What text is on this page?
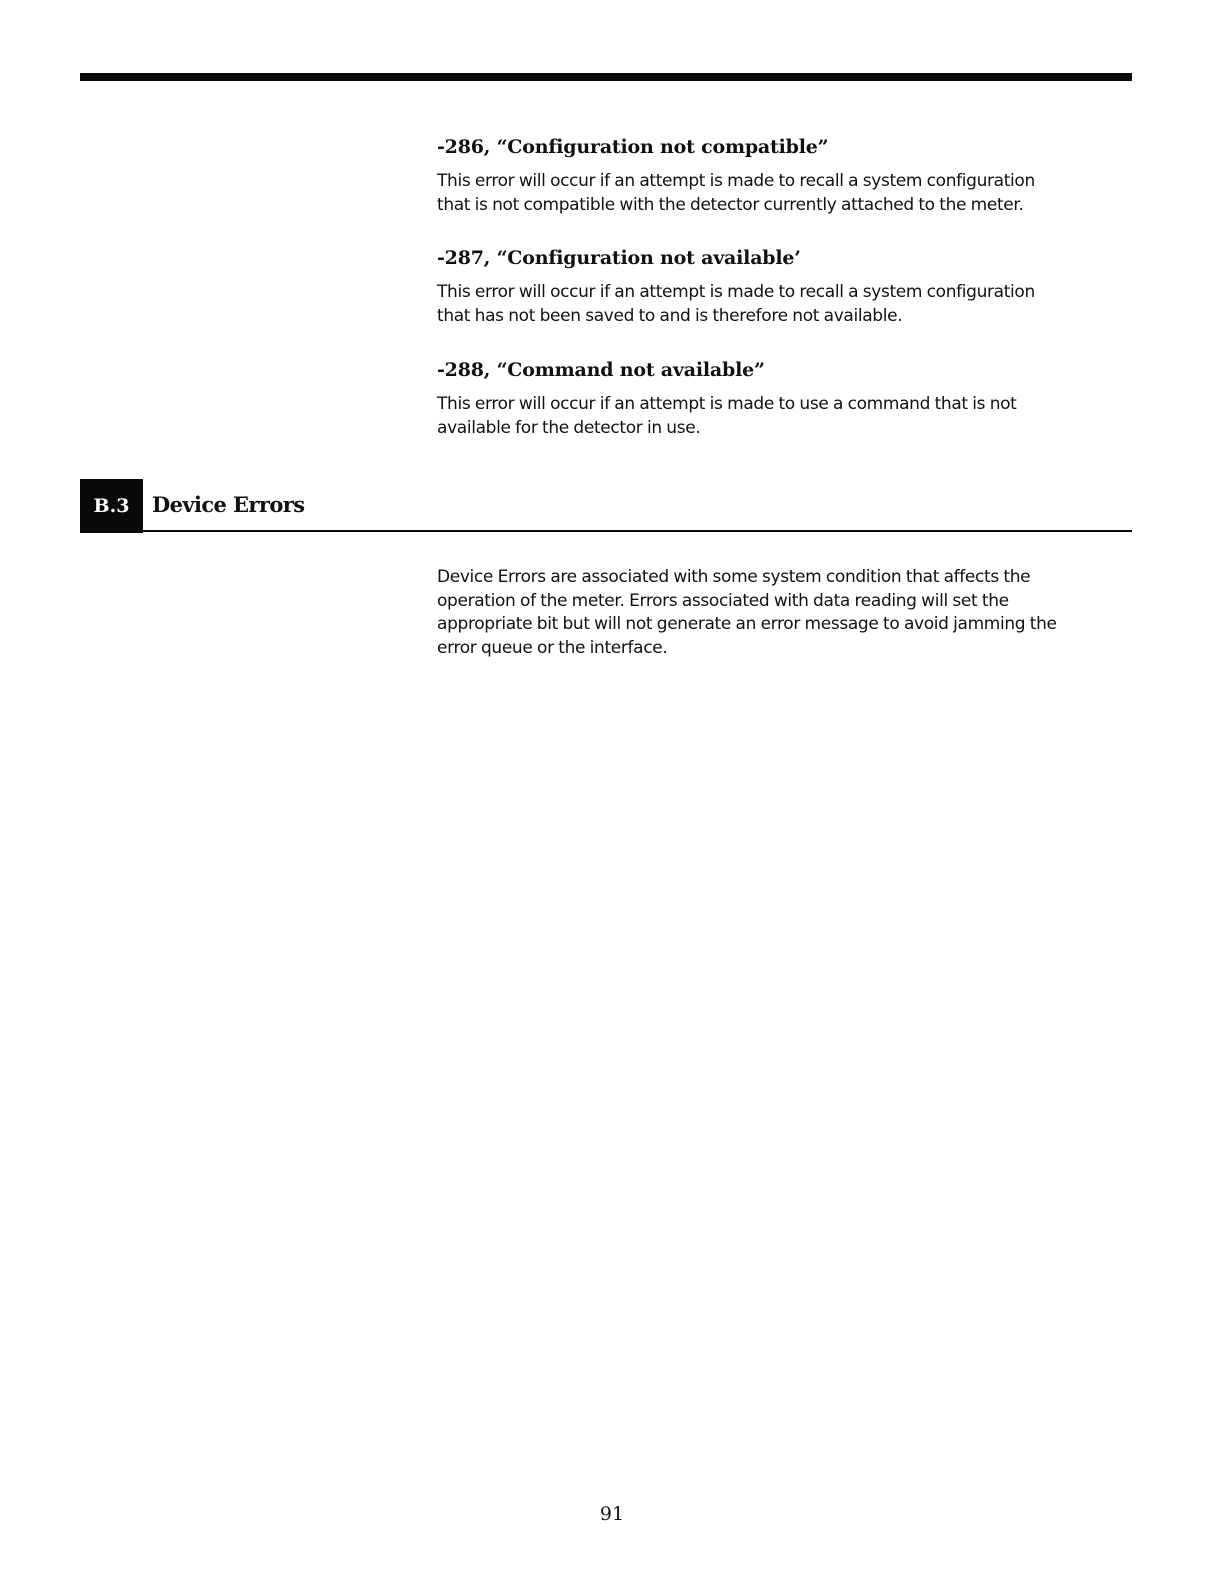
-286, “Configuration not compatible”

This error will occur if an attempt is made to recall a system configuration
that is not compatible with the detector currently attached to the meter.

-287, “Configuration not available’

This error will occur if an attempt is made to recall a system configuration
that has not been saved to and is therefore not available.

-288, “Command not available”

This error will occur if an attempt is made to use a command that is not
available for the detector in use.

B.3	Device Errors

Device Errors are associated with some system condition that affects the
operation of the meter. Errors associated with data reading will set the
appropriate bit but will not generate an error message to avoid jamming the
error queue or the interface.

91
